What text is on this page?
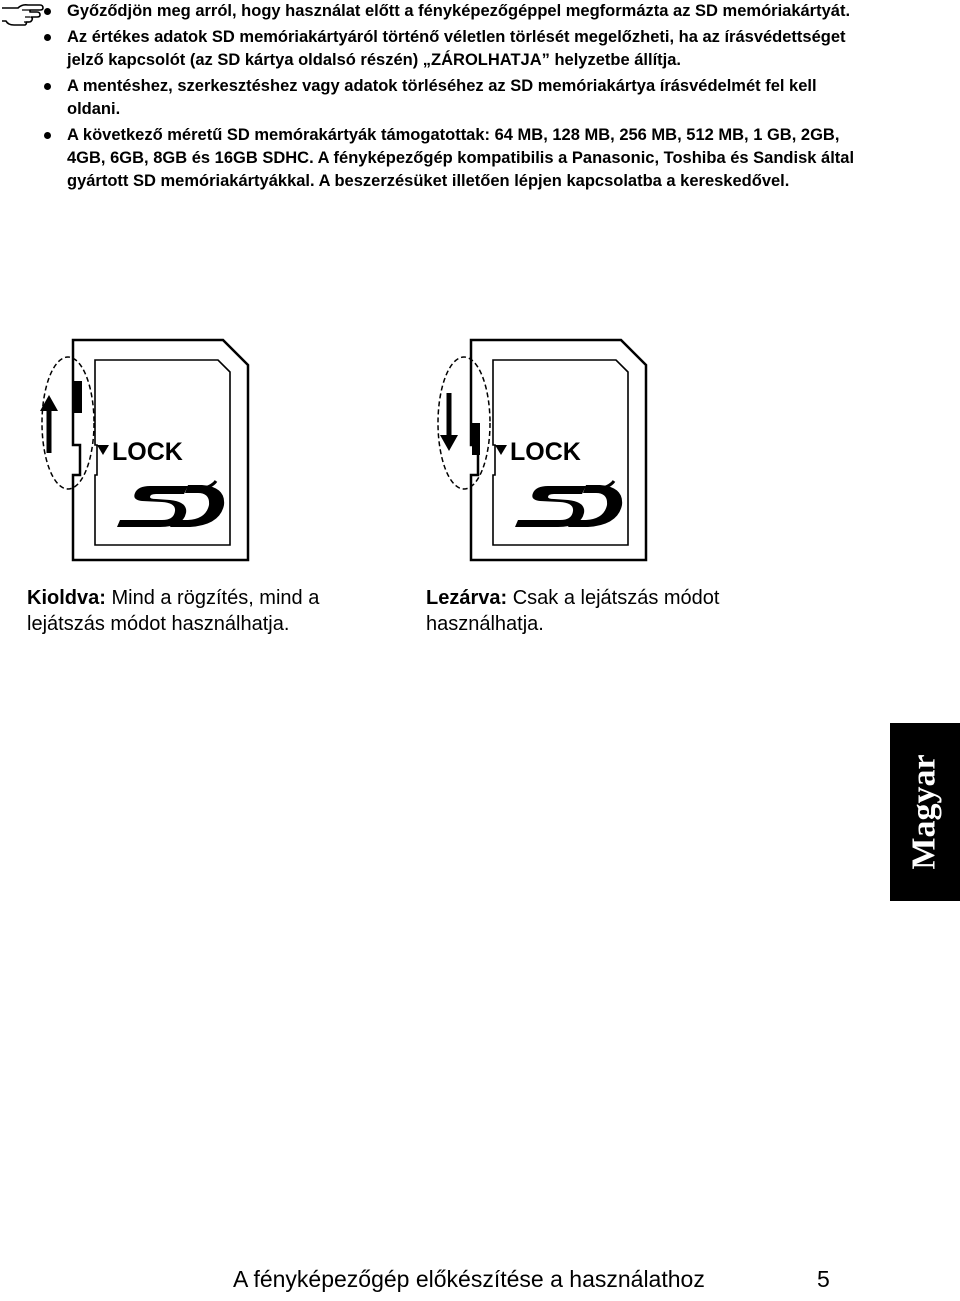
Győződjön meg arról, hogy használat előtt a fényképezőgéppel megformázta az SD memóriakártyát.
Az értékes adatok SD memóriakártyáról történő véletlen törlését megelőzheti, ha az írásvédettséget jelző kapcsolót (az SD kártya oldalsó részén) „ZÁROLHATJA” helyzetbe állítja.
A mentéshez, szerkesztéshez vagy adatok törléséhez az SD memóriakártya írásvédelmét fel kell oldani.
A következő méretű SD memórakártyák támogatottak: 64 MB, 128 MB, 256 MB, 512 MB, 1 GB, 2GB, 4GB, 6GB, 8GB és 16GB SDHC. A fényképezőgép kompatibilis a Panasonic, Toshiba és Sandisk által gyártott SD memóriakártyákkal. A beszerzésüket illetően lépjen kapcsolatba a kereskedővel.
LOCK	LOCK
Kioldva: Mind a rögzítés, mind a lejátszás módot használhatja.
Lezárva: Csak a lejátszás módot használhatja.
Magyar
A fényképezőgép előkészítése a használathoz	5
